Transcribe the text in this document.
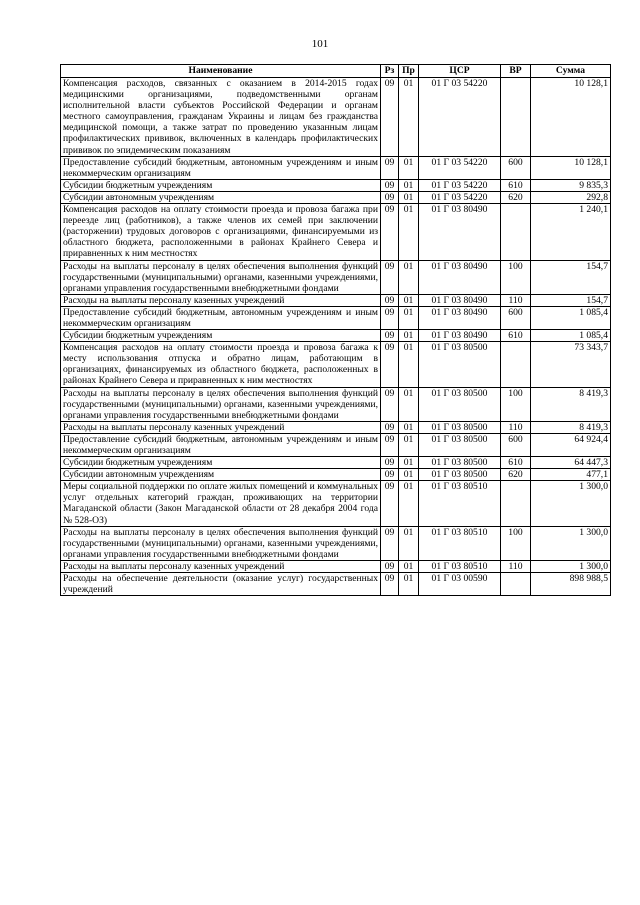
101
Наименование	Рз	Пр	ЦСР	ВР	Сумма
Компенсация расходов, связанных с оказанием в 2014-2015 годах медицинскими организациями, подведомственными органам исполнительной власти субъектов Российской Федерации и органам местного самоуправления, гражданам Украины и лицам без гражданства медицинской помощи, а также затрат по проведению указанным лицам профилактических прививок, включенных в календарь профилактических прививок по эпидемическим показаниям	09	01	01 Г 03 54220		10 128,1
Предоставление субсидий бюджетным, автономным учреждениям и иным некоммерческим организациям	09	01	01 Г 03 54220	600	10 128,1
Субсидии бюджетным учреждениям	09	01	01 Г 03 54220	610	9 835,3
Субсидии автономным учреждениям	09	01	01 Г 03 54220	620	292,8
Компенсация расходов на оплату стоимости проезда и провоза багажа при переезде лиц (работников), а также членов их семей при заключении (расторжении) трудовых договоров с организациями, финансируемыми из областного бюджета, расположенными в районах Крайнего Севера и приравненных к ним местностях	09	01	01 Г 03 80490		1 240,1
Расходы на выплаты персоналу в целях обеспечения выполнения функций государственными (муниципальными) органами, казенными учреждениями, органами управления государственными внебюджетными фондами	09	01	01 Г 03 80490	100	154,7
Расходы на выплаты персоналу казенных учреждений	09	01	01 Г 03 80490	110	154,7
Предоставление субсидий бюджетным, автономным учреждениям и иным некоммерческим организациям	09	01	01 Г 03 80490	600	1 085,4
Субсидии бюджетным учреждениям	09	01	01 Г 03 80490	610	1 085,4
Компенсация расходов на оплату стоимости проезда и провоза багажа к месту использования отпуска и обратно лицам, работающим в организациях, финансируемых из областного бюджета, расположенных в районах Крайнего Севера и приравненных к ним местностях	09	01	01 Г 03 80500		73 343,7
Расходы на выплаты персоналу в целях обеспечения выполнения функций государственными (муниципальными) органами, казенными учреждениями, органами управления государственными внебюджетными фондами	09	01	01 Г 03 80500	100	8 419,3
Расходы на выплаты персоналу казенных учреждений	09	01	01 Г 03 80500	110	8 419,3
Предоставление субсидий бюджетным, автономным учреждениям и иным некоммерческим организациям	09	01	01 Г 03 80500	600	64 924,4
Субсидии бюджетным учреждениям	09	01	01 Г 03 80500	610	64 447,3
Субсидии автономным учреждениям	09	01	01 Г 03 80500	620	477,1
Меры социальной поддержки по оплате жилых помещений и коммунальных услуг отдельных категорий граждан, проживающих на территории Магаданской области (Закон Магаданской области от 28 декабря 2004 года № 528-ОЗ)	09	01	01 Г 03 80510		1 300,0
Расходы на выплаты персоналу в целях обеспечения выполнения функций государственными (муниципальными) органами, казенными учреждениями, органами управления государственными внебюджетными фондами	09	01	01 Г 03 80510	100	1 300,0
Расходы на выплаты персоналу казенных учреждений	09	01	01 Г 03 80510	110	1 300,0
Расходы на обеспечение деятельности (оказание услуг) государственных учреждений	09	01	01 Г 03 00590		898 988,5
